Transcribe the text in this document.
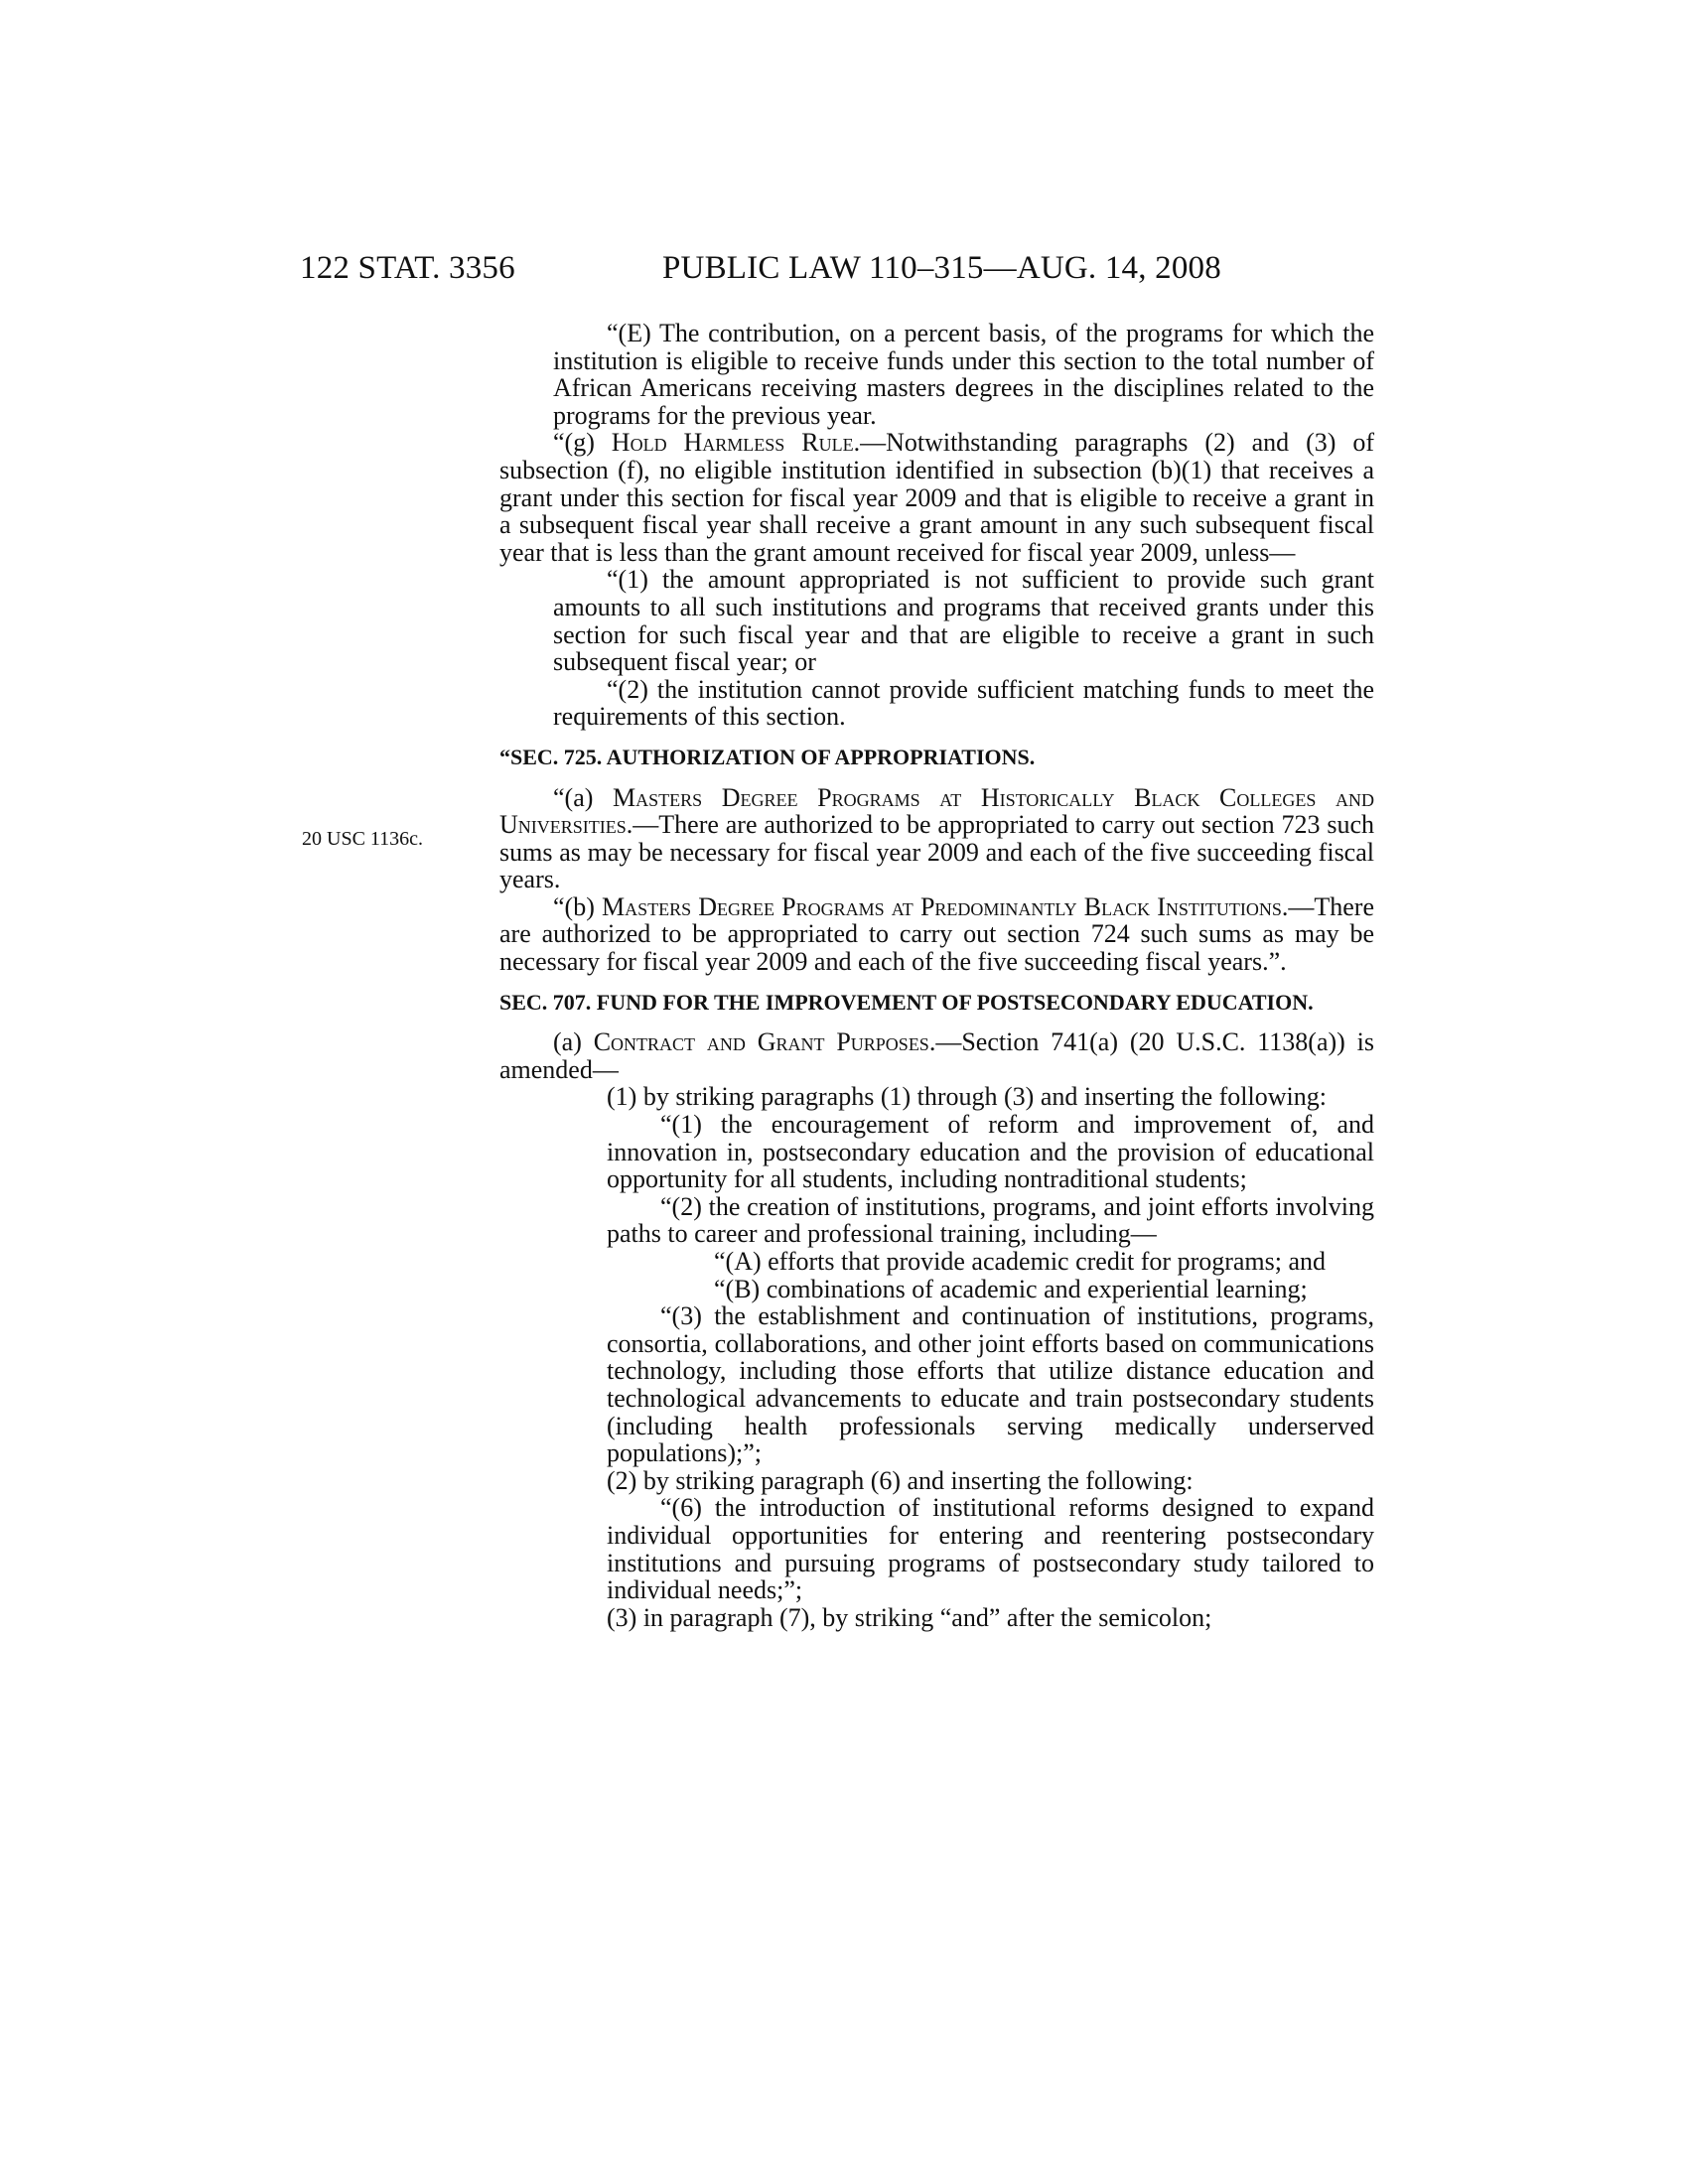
122 STAT. 3356	PUBLIC LAW 110–315—AUG. 14, 2008
20 USC 1136c.

“(E) The contribution, on a percent basis, of the programs for which the institution is eligible to receive funds under this section to the total number of African Americans receiving masters degrees in the disciplines related to the programs for the previous year.

“(g) Hold Harmless Rule.—Notwithstanding paragraphs (2) and (3) of subsection (f), no eligible institution identified in subsection (b)(1) that receives a grant under this section for fiscal year 2009 and that is eligible to receive a grant in a subsequent fiscal year shall receive a grant amount in any such subsequent fiscal year that is less than the grant amount received for fiscal year 2009, unless—

“(1) the amount appropriated is not sufficient to provide such grant amounts to all such institutions and programs that received grants under this section for such fiscal year and that are eligible to receive a grant in such subsequent fiscal year; or

“(2) the institution cannot provide sufficient matching funds to meet the requirements of this section.

“SEC. 725. AUTHORIZATION OF APPROPRIATIONS.

“(a) Masters Degree Programs at Historically Black Colleges and Universities.—There are authorized to be appropriated to carry out section 723 such sums as may be necessary for fiscal year 2009 and each of the five succeeding fiscal years.

“(b) Masters Degree Programs at Predominantly Black Institutions.—There are authorized to be appropriated to carry out section 724 such sums as may be necessary for fiscal year 2009 and each of the five succeeding fiscal years.”.

SEC. 707. FUND FOR THE IMPROVEMENT OF POSTSECONDARY EDUCATION.

(a) Contract and Grant Purposes.—Section 741(a) (20 U.S.C. 1138(a)) is amended—

(1) by striking paragraphs (1) through (3) and inserting the following:

“(1) the encouragement of reform and improvement of, and innovation in, postsecondary education and the provision of educational opportunity for all students, including nontraditional students;

“(2) the creation of institutions, programs, and joint efforts involving paths to career and professional training, including—

“(A) efforts that provide academic credit for programs; and

“(B) combinations of academic and experiential learning;

“(3) the establishment and continuation of institutions, programs, consortia, collaborations, and other joint efforts based on communications technology, including those efforts that utilize distance education and technological advancements to educate and train postsecondary students (including health professionals serving medically underserved populations);”;

(2) by striking paragraph (6) and inserting the following:

“(6) the introduction of institutional reforms designed to expand individual opportunities for entering and reentering postsecondary institutions and pursuing programs of postsecondary study tailored to individual needs;”;

(3) in paragraph (7), by striking “and” after the semicolon;
